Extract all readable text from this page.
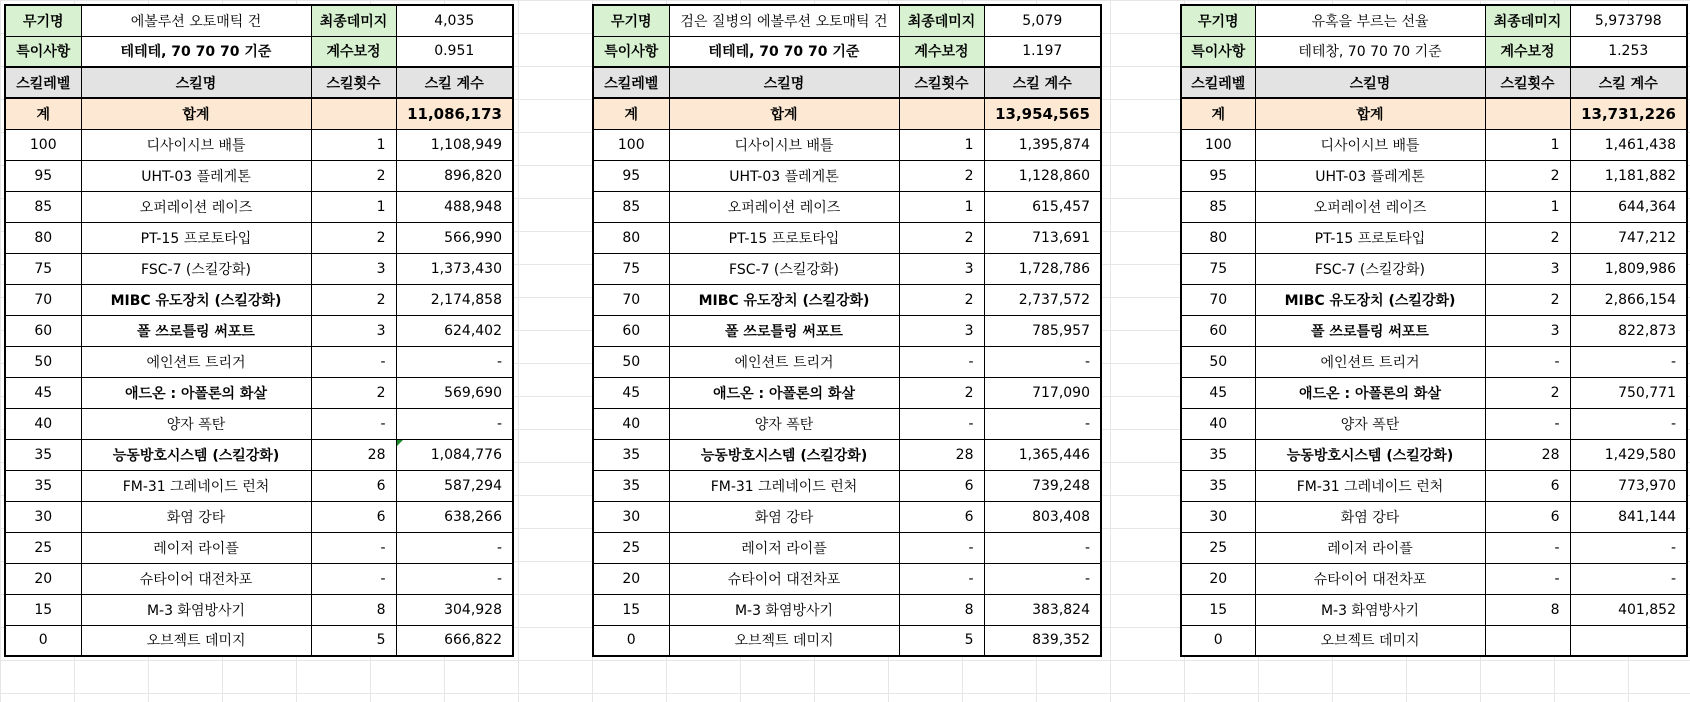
무기명	에볼루션 오토매틱 건	최종데미지	4,035
특이사항	테테테, 70 70 70 기준	계수보정	0.951
스킬레벨	스킬명	스킬횟수	스킬 계수
계	합계		11,086,173
100	디사이시브 배틀	1	1,108,949
95	UHT-03 플레게톤	2	896,820
85	오퍼레이션 레이즈	1	488,948
80	PT-15 프로토타입	2	566,990
75	FSC-7 (스킬강화)	3	1,373,430
70	MIBC 유도장치 (스킬강화)	2	2,174,858
60	폴 쓰로틀링 써포트	3	624,402
50	에인션트 트리거	-	-
45	애드온 : 아폴론의 화살	2	569,690
40	양자 폭탄	-	-
35	능동방호시스템 (스킬강화)	28	1,084,776
35	FM-31 그레네이드 런처	6	587,294
30	화염 강타	6	638,266
25	레이저 라이플	-	-
20	슈타이어 대전차포	-	-
15	M-3 화염방사기	8	304,928
0	오브젝트 데미지	5	666,822
무기명	검은 질병의 에볼루션 오토매틱 건	최종데미지	5,079
특이사항	테테테, 70 70 70 기준	계수보정	1.197
스킬레벨	스킬명	스킬횟수	스킬 계수
계	합계		13,954,565
100	디사이시브 배틀	1	1,395,874
95	UHT-03 플레게톤	2	1,128,860
85	오퍼레이션 레이즈	1	615,457
80	PT-15 프로토타입	2	713,691
75	FSC-7 (스킬강화)	3	1,728,786
70	MIBC 유도장치 (스킬강화)	2	2,737,572
60	폴 쓰로틀링 써포트	3	785,957
50	에인션트 트리거	-	-
45	애드온 : 아폴론의 화살	2	717,090
40	양자 폭탄	-	-
35	능동방호시스템 (스킬강화)	28	1,365,446
35	FM-31 그레네이드 런처	6	739,248
30	화염 강타	6	803,408
25	레이저 라이플	-	-
20	슈타이어 대전차포	-	-
15	M-3 화염방사기	8	383,824
0	오브젝트 데미지	5	839,352
무기명	유혹을 부르는 선율	최종데미지	5,973798
특이사항	테테창, 70 70 70 기준	계수보정	1.253
스킬레벨	스킬명	스킬횟수	스킬 계수
계	합계		13,731,226
100	디사이시브 배틀	1	1,461,438
95	UHT-03 플레게톤	2	1,181,882
85	오퍼레이션 레이즈	1	644,364
80	PT-15 프로토타입	2	747,212
75	FSC-7 (스킬강화)	3	1,809,986
70	MIBC 유도장치 (스킬강화)	2	2,866,154
60	폴 쓰로틀링 써포트	3	822,873
50	에인션트 트리거	-	-
45	애드온 : 아폴론의 화살	2	750,771
40	양자 폭탄	-	-
35	능동방호시스템 (스킬강화)	28	1,429,580
35	FM-31 그레네이드 런처	6	773,970
30	화염 강타	6	841,144
25	레이저 라이플	-	-
20	슈타이어 대전차포	-	-
15	M-3 화염방사기	8	401,852
0	오브젝트 데미지		
